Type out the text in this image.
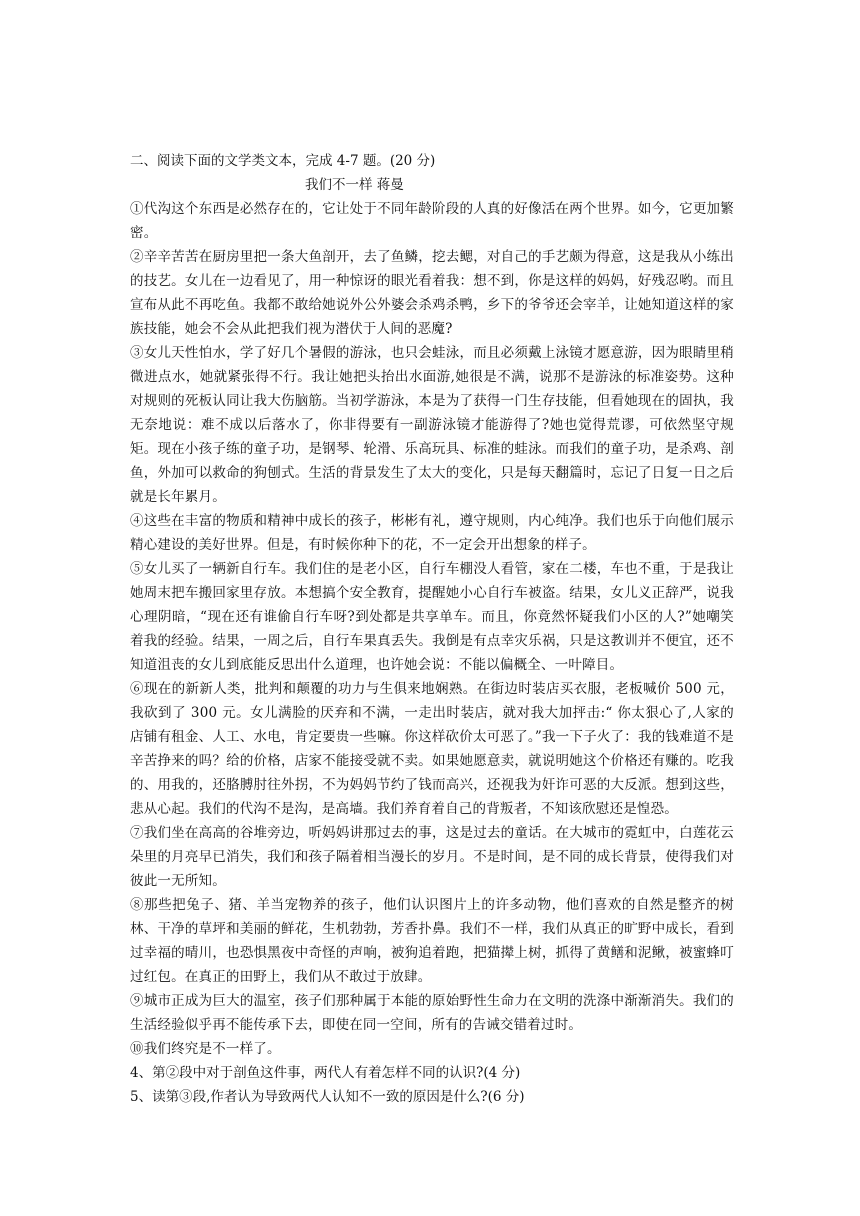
二、阅读下面的文学类文本，完成 4-7 题。(20 分)

我们不一样 蒋曼

①代沟这个东西是必然存在的，它让处于不同年龄阶段的人真的好像活在两个世界。如今，它更加繁密。

②辛辛苦苦在厨房里把一条大鱼剖开，去了鱼鳞，挖去鳃，对自己的手艺颇为得意，这是我从小练出的技艺。女儿在一边看见了，用一种惊讶的眼光看着我：想不到，你是这样的妈妈，好残忍哟。而且宣布从此不再吃鱼。我都不敢给她说外公外婆会杀鸡杀鸭，乡下的爷爷还会宰羊，让她知道这样的家族技能，她会不会从此把我们视为潜伏于人间的恶魔?

③女儿天性怕水，学了好几个暑假的游泳，也只会蛙泳，而且必须戴上泳镜才愿意游，因为眼睛里稍微进点水，她就紧张得不行。我让她把头抬出水面游,她很是不满，说那不是游泳的标准姿势。这种对规则的死板认同让我大伤脑筋。当初学游泳，本是为了获得一门生存技能，但看她现在的固执，我无奈地说：难不成以后落水了，你非得要有一副游泳镜才能游得了?她也觉得荒谬，可依然坚守规矩。现在小孩子练的童子功，是钢琴、轮滑、乐高玩具、标准的蛙泳。而我们的童子功，是杀鸡、剖鱼，外加可以救命的狗刨式。生活的背景发生了太大的变化，只是每天翻篇时，忘记了日复一日之后就是长年累月。

④这些在丰富的物质和精神中成长的孩子，彬彬有礼，遵守规则，内心纯净。我们也乐于向他们展示精心建设的美好世界。但是，有时候你种下的花，不一定会开出想象的样子。

⑤女儿买了一辆新自行车。我们住的是老小区，自行车棚没人看管，家在二楼，车也不重，于是我让她周末把车搬回家里存放。本想搞个安全教育，提醒她小心自行车被盗。结果，女儿义正辞严，说我心理阴暗，“现在还有谁偷自行车呀?到处都是共享单车。而且，你竟然怀疑我们小区的人?”她嘲笑着我的经验。结果，一周之后，自行车果真丢失。我倒是有点幸灾乐祸，只是这教训并不便宜，还不知道沮丧的女儿到底能反思出什么道理，也许她会说：不能以偏概全、一叶障目。

⑥现在的新新人类，批判和颠覆的功力与生俱来地娴熟。在街边时装店买衣服，老板喊价 500 元，我砍到了 300 元。女儿满脸的厌弃和不满，一走出时装店，就对我大加抨击:“ 你太狠心了,人家的店铺有租金、人工、水电，肯定要贵一些嘛。你这样砍价太可恶了。”我一下子火了：我的钱难道不是辛苦挣来的吗？给的价格，店家不能接受就不卖。如果她愿意卖，就说明她这个价格还有赚的。吃我的、用我的，还胳膊肘往外拐，不为妈妈节约了钱而高兴，还视我为奸诈可恶的大反派。想到这些，悲从心起。我们的代沟不是沟，是高墙。我们养育着自己的背叛者，不知该欣慰还是惶恐。

⑦我们坐在高高的谷堆旁边，听妈妈讲那过去的事，这是过去的童话。在大城市的霓虹中，白莲花云朵里的月亮早已消失，我们和孩子隔着相当漫长的岁月。不是时间，是不同的成长背景，使得我们对彼此一无所知。

⑧那些把兔子、猪、羊当宠物养的孩子，他们认识图片上的许多动物，他们喜欢的自然是整齐的树林、干净的草坪和美丽的鲜花，生机勃勃，芳香扑鼻。我们不一样，我们从真正的旷野中成长，看到过幸福的晴川，也恐惧黑夜中奇怪的声响，被狗追着跑，把猫撵上树，抓得了黄鳝和泥鳅，被蜜蜂叮过红包。在真正的田野上，我们从不敢过于放肆。

⑨城市正成为巨大的温室，孩子们那种属于本能的原始野性生命力在文明的洗涤中渐渐消失。我们的生活经验似乎再不能传承下去，即使在同一空间，所有的告诫交错着过时。

⑩我们终究是不一样了。

4、第②段中对于剖鱼这件事，两代人有着怎样不同的认识?(4 分)

5、读第③段,作者认为导致两代人认知不一致的原因是什么?(6 分)
